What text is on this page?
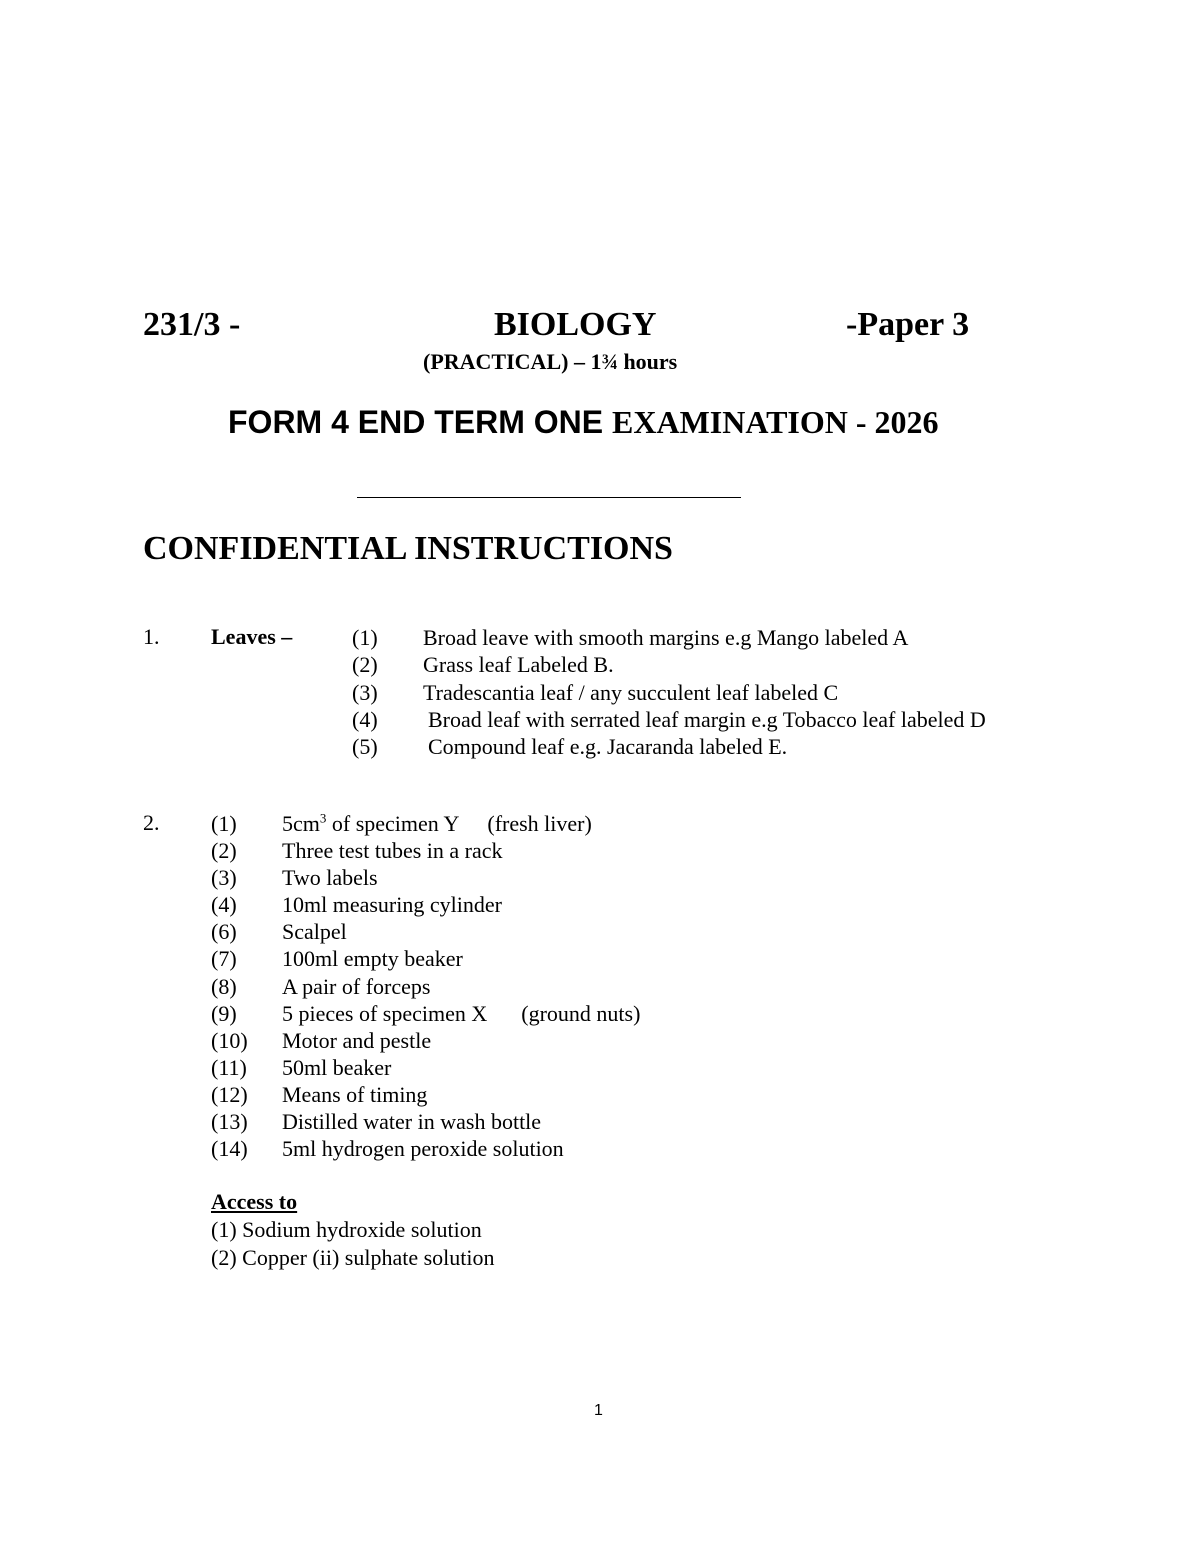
231/3 -	BIOLOGY	-Paper 3
(PRACTICAL) – 1¾ hours
FORM 4 END TERM ONE EXAMINATION - 2026
CONFIDENTIAL INSTRUCTIONS
1. Leaves –	(1)	Broad leave with smooth margins e.g Mango labeled A
(2)	Grass leaf Labeled B.
(3)	Tradescantia leaf / any succulent leaf labeled C
(4)	Broad leaf with serrated leaf margin e.g Tobacco leaf labeled D
(5)	Compound leaf e.g. Jacaranda labeled E.
2. (1)	$5cm^3$ of specimen Y (fresh liver)
(2)	Three test tubes in a rack
(3)	Two labels
(4)	10ml measuring cylinder
(6)	Scalpel
(7)	100ml empty beaker
(8)	A pair of forceps
(9)	5 pieces of specimen X (ground nuts)
(10)	Motor and pestle
(11)	50ml beaker
(12)	Means of timing
(13)	Distilled water in wash bottle
(14)	5ml hydrogen peroxide solution
Access to
(1) Sodium hydroxide solution
(2) Copper (ii) sulphate solution
1
